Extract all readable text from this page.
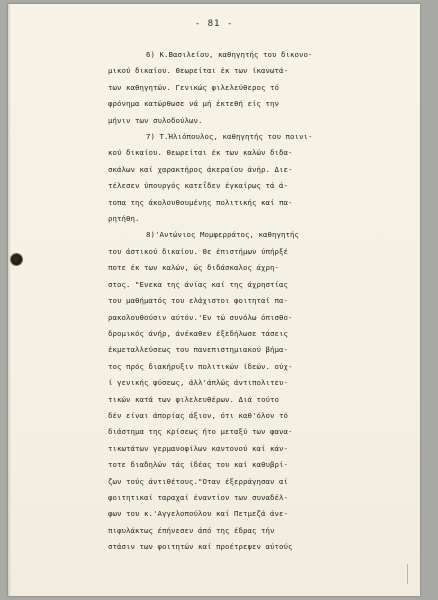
- 81 -
6) Κ.Βασιλείου, καθηγητής του δικονο-
μικού δικαίου. Θεωρείται έκ των ίκανωτά-
των καθηγητών. Γενικώς φιλελεύθερος τό
φρόνημα κατώρθωσε νά μή έκτεθή είς την
μήνιν των συλοδούλων.
7) Τ.Ήλιόπουλος, καθηγητής του ποινι-
κού δικαίου. Θεωρείται έκ των καλών διδα-
σκάλων καί χαρακτήρος άκεραίου άνήρ. Διε-
τέλεσεν ύπουργός κατεΐδεν έγκαίρως τά ά-
τοπα της άκολουθουμένης πολιτικής καί πα-
ρητήθη.
8)'Αντώνιος Μομφερράτος, καθηγητής
του άστικού δικαίου. Θε έπιστήμων ύπήρξέ
ποτε έκ των καλών, ώς διδάσκαλος άχρη-
στος. "Ενεκα της άνίας καί της άχρηστίας
του μαθήματός του ελάχιστοι φοιτηταί πα-
ρακολουθούσιν αύτόν.'Εν τώ συνόλω όπισθο-
δρομικός άνήρ, άνέκαθεν έξεδήλωσε τάσεις
έκμεταλλεύσεως του πανεπιστημιακού βήμα-
τος πρός διακήρυξιν πολιτικών ίδεών. ούχ-
ί γενικής φύσεως, άλλ'άπλώς άντιπολιτευ-
τικών κατά των φιλελευθέρων. Διά τούτο
δέν είναι άπορίας άξιον, ότι καθ'όλον τό
διάστημα της κρίσεως ήτο μεταξύ των φανα-
τικωτάτων γερμανοφίλων καντονού καί κάν-
τοτε διαδηλών τάς ίδέας του καί καθυβρί-
ζων τούς άντιθέτους."Οταν έξερράγησαν αί
φοιτητικαί ταραχαί έναντίον των συναδέλ-
φων του κ.'Αγγελοπούλου καί Πετμεζά άνε-
πιφυλάκτως έπήνεσεν άπό της έδρας τήν
στάσιν των φοιτητών καί προέτρεψεν αύτούς
